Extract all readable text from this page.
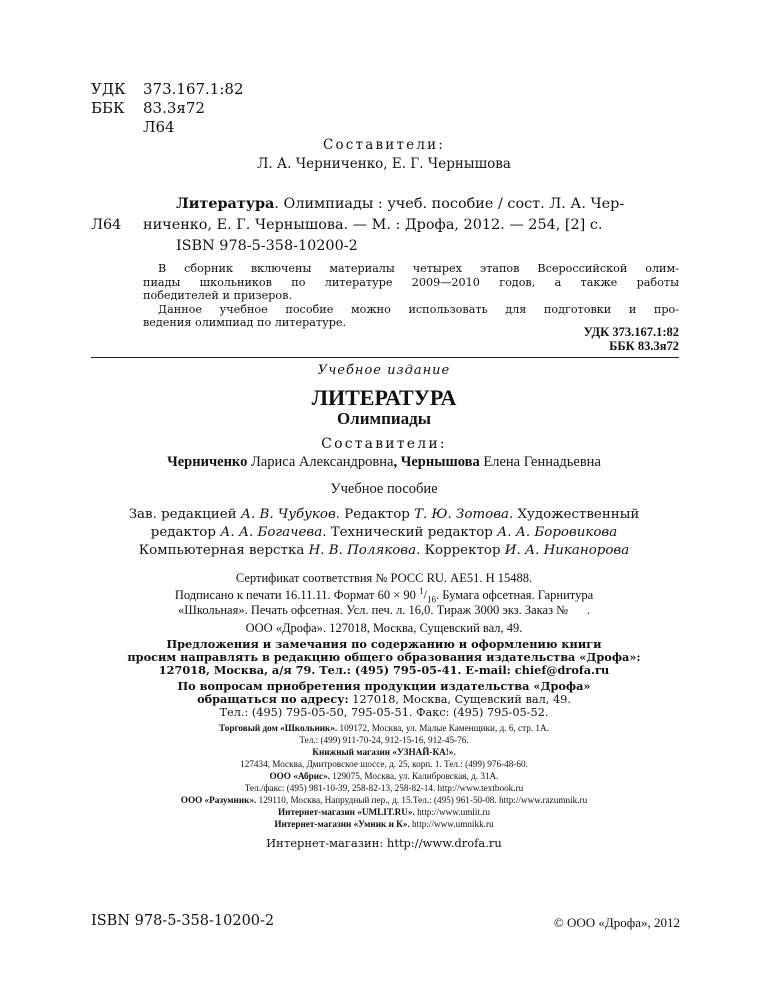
УДК 373.167.1:82
ББК 83.3я72
Л64
Составители:
Л. А. Черниченко, Е. Г. Чернышова
Литература. Олимпиады : учеб. пособие / сост. Л. А. Чер-
Л64 ниченко, Е. Г. Чернышова. — М. : Дрофа, 2012. — 254, [2] с.
ISBN 978-5-358-10200-2
В сборник включены материалы четырех этапов Всероссийской олим-
пиады школьников по литературе 2009—2010 годов, а также работы
победителей и призеров.
Данное учебное пособие можно использовать для подготовки и про-
ведения олимпиад по литературе.
УДК 373.167.1:82
ББК 83.3я72
Учебное издание
ЛИТЕРАТУРА
Олимпиады
Составители:
Черниченко Лариса Александровна, Чернышова Елена Геннадьевна
Учебное пособие
Зав. редакцией А. В. Чубуков. Редактор Т. Ю. Зотова. Художественный
редактор А. А. Богачева. Технический редактор А. А. Боровикова
Компьютерная верстка Н. В. Полякова. Корректор И. А. Никанорова
Сертификат соответствия № РОСС RU. АЕ51. Н 15488.
Подписано к печати 16.11.11. Формат 60 × 90 $^1/_{16}$. Бумага офсетная. Гарнитура
«Школьная». Печать офсетная. Усл. печ. л. 16,0. Тираж 3000 экз. Заказ № .
ООО «Дрофа». 127018, Москва, Сущевский вал, 49.
Предложения и замечания по содержанию и оформлению книги
просим направлять в редакцию общего образования издательства «Дрофа»:
127018, Москва, а/я 79. Тел.: (495) 795-05-41. E-mail: chief@drofa.ru
По вопросам приобретения продукции издательства «Дрофа»
обращаться по адресу: 127018, Москва, Сущевский вал, 49.
Тел.: (495) 795-05-50, 795-05-51. Факс: (495) 795-05-52.
Торговый дом «Школьник». 109172, Москва, ул. Малые Каменщики, д. 6, стр. 1А.
Тел.: (499) 911-70-24, 912-15-16, 912-45-76.
Книжный магазин «УЗНАЙ-КА!».
127434, Москва, Дмитровское шоссе, д. 25, корп. 1. Тел.: (499) 976-48-60.
ООО «Абрис». 129075, Москва, ул. Калибровская, д. 31А.
Тел./факс: (495) 981-10-39, 258-82-13, 258-82-14. http://www.textbook.ru
ООО «Разумник». 129110, Москва, Напрудный пер., д. 15.Тел.: (495) 961-50-08. http://www.razumnik.ru
Интернет-магазин «UMLIT.RU». http://www.umlit.ru
Интернет-магазин «Умник и К». http://www.umnikk.ru
Интернет-магазин: http://www.drofa.ru
ISBN 978-5-358-10200-2	© ООО «Дрофа», 2012
